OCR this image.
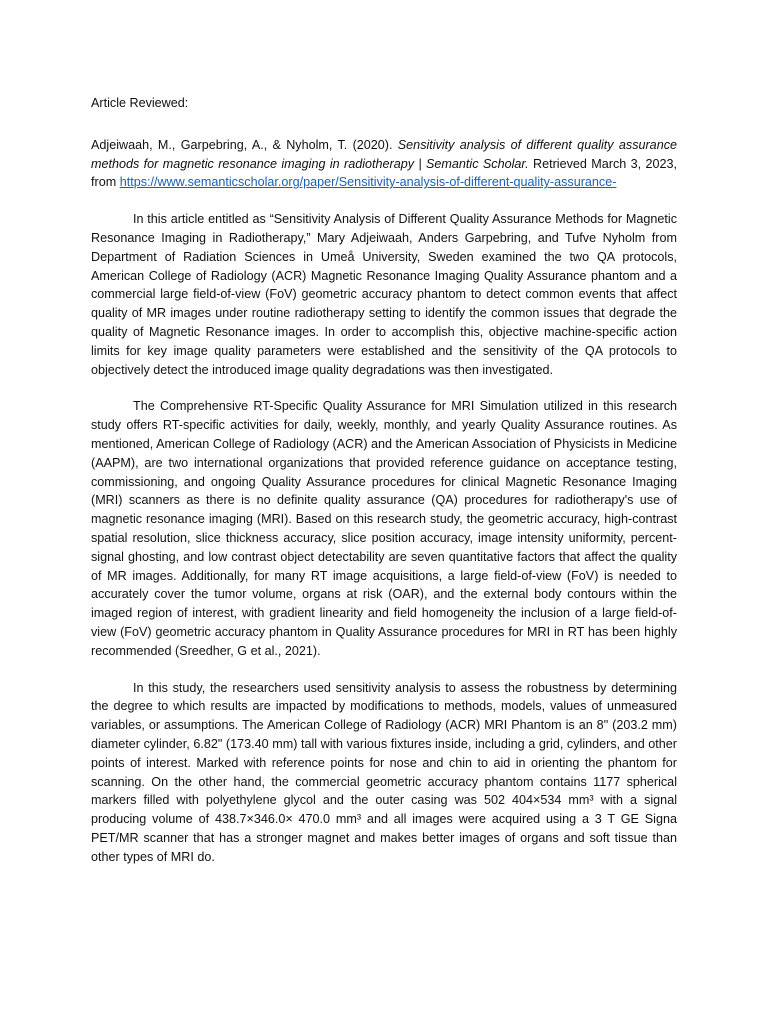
Article Reviewed:

Adjeiwaah, M., Garpebring, A., & Nyholm, T. (2020). Sensitivity analysis of different quality assurance methods for magnetic resonance imaging in radiotherapy | Semantic Scholar. Retrieved March 3, 2023, from https://www.semanticscholar.org/paper/Sensitivity-analysis-of-different-quality-assurance-

In this article entitled as “Sensitivity Analysis of Different Quality Assurance Methods for Magnetic Resonance Imaging in Radiotherapy,” Mary Adjeiwaah, Anders Garpebring, and Tufve Nyholm from Department of Radiation Sciences in Umeå University, Sweden examined the two QA protocols, American College of Radiology (ACR) Magnetic Resonance Imaging Quality Assurance phantom and a commercial large field-of-view (FoV) geometric accuracy phantom to detect common events that affect quality of MR images under routine radiotherapy setting to identify the common issues that degrade the quality of Magnetic Resonance images. In order to accomplish this, objective machine-specific action limits for key image quality parameters were established and the sensitivity of the QA protocols to objectively detect the introduced image quality degradations was then investigated.

The Comprehensive RT-Specific Quality Assurance for MRI Simulation utilized in this research study offers RT-specific activities for daily, weekly, monthly, and yearly Quality Assurance routines. As mentioned, American College of Radiology (ACR) and the American Association of Physicists in Medicine (AAPM), are two international organizations that provided reference guidance on acceptance testing, commissioning, and ongoing Quality Assurance procedures for clinical Magnetic Resonance Imaging (MRI) scanners as there is no definite quality assurance (QA) procedures for radiotherapy's use of magnetic resonance imaging (MRI). Based on this research study, the geometric accuracy, high-contrast spatial resolution, slice thickness accuracy, slice position accuracy, image intensity uniformity, percent-signal ghosting, and low contrast object detectability are seven quantitative factors that affect the quality of MR images. Additionally, for many RT image acquisitions, a large field-of-view (FoV) is needed to accurately cover the tumor volume, organs at risk (OAR), and the external body contours within the imaged region of interest, with gradient linearity and field homogeneity the inclusion of a large field-of-view (FoV) geometric accuracy phantom in Quality Assurance procedures for MRI in RT has been highly recommended (Sreedher, G et al., 2021).

In this study, the researchers used sensitivity analysis to assess the robustness by determining the degree to which results are impacted by modifications to methods, models, values of unmeasured variables, or assumptions. The American College of Radiology (ACR) MRI Phantom is an 8" (203.2 mm) diameter cylinder, 6.82" (173.40 mm) tall with various fixtures inside, including a grid, cylinders, and other points of interest. Marked with reference points for nose and chin to aid in orienting the phantom for scanning. On the other hand, the commercial geometric accuracy phantom contains 1177 spherical markers filled with polyethylene glycol and the outer casing was 502 404×534 mm³ with a signal producing volume of 438.7×346.0× 470.0 mm³ and all images were acquired using a 3 T GE Signa PET/MR scanner that has a stronger magnet and makes better images of organs and soft tissue than other types of MRI do.
